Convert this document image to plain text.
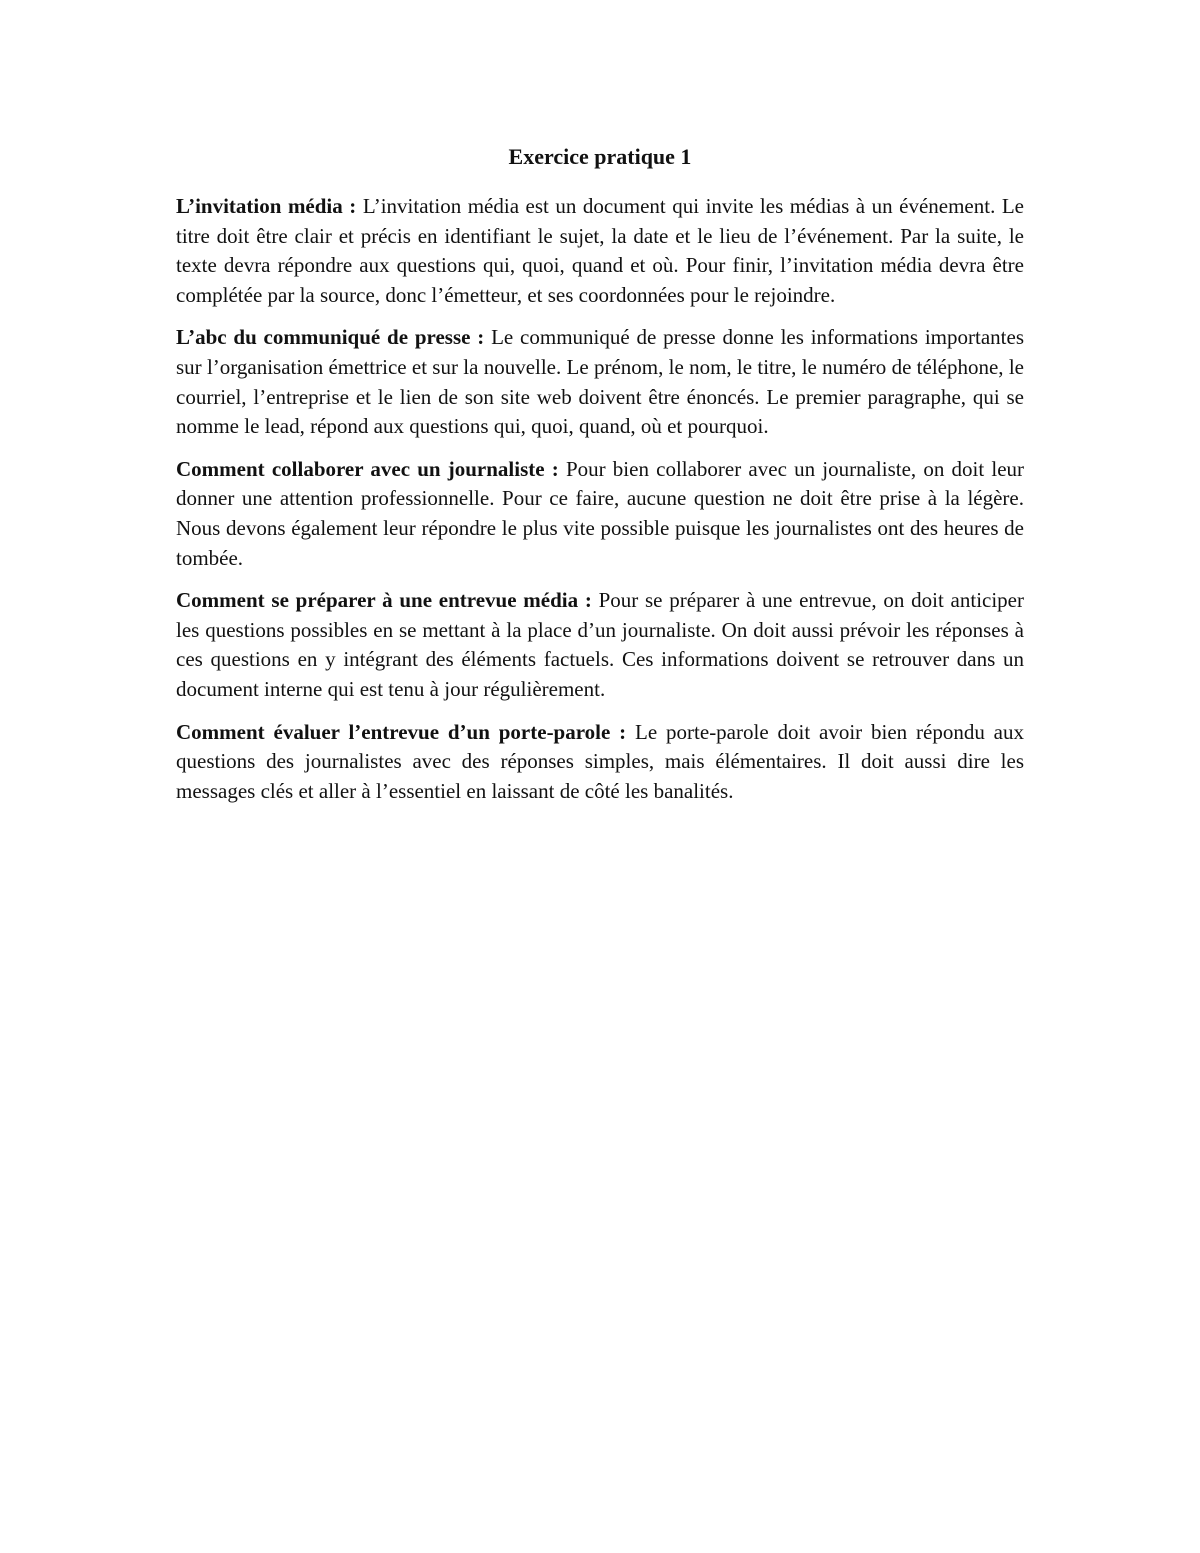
Exercice pratique 1

L’invitation média : L’invitation média est un document qui invite les médias à un événement. Le titre doit être clair et précis en identifiant le sujet, la date et le lieu de l’événement. Par la suite, le texte devra répondre aux questions qui, quoi, quand et où. Pour finir, l’invitation média devra être complétée par la source, donc l’émetteur, et ses coordonnées pour le rejoindre.

L’abc du communiqué de presse : Le communiqué de presse donne les informations importantes sur l’organisation émettrice et sur la nouvelle. Le prénom, le nom, le titre, le numéro de téléphone, le courriel, l’entreprise et le lien de son site web doivent être énoncés. Le premier paragraphe, qui se nomme le lead, répond aux questions qui, quoi, quand, où et pourquoi.

Comment collaborer avec un journaliste : Pour bien collaborer avec un journaliste, on doit leur donner une attention professionnelle. Pour ce faire, aucune question ne doit être prise à la légère. Nous devons également leur répondre le plus vite possible puisque les journalistes ont des heures de tombée.

Comment se préparer à une entrevue média : Pour se préparer à une entrevue, on doit anticiper les questions possibles en se mettant à la place d’un journaliste. On doit aussi prévoir les réponses à ces questions en y intégrant des éléments factuels. Ces informations doivent se retrouver dans un document interne qui est tenu à jour régulièrement.

Comment évaluer l’entrevue d’un porte-parole : Le porte-parole doit avoir bien répondu aux questions des journalistes avec des réponses simples, mais élémentaires. Il doit aussi dire les messages clés et aller à l’essentiel en laissant de côté les banalités.
